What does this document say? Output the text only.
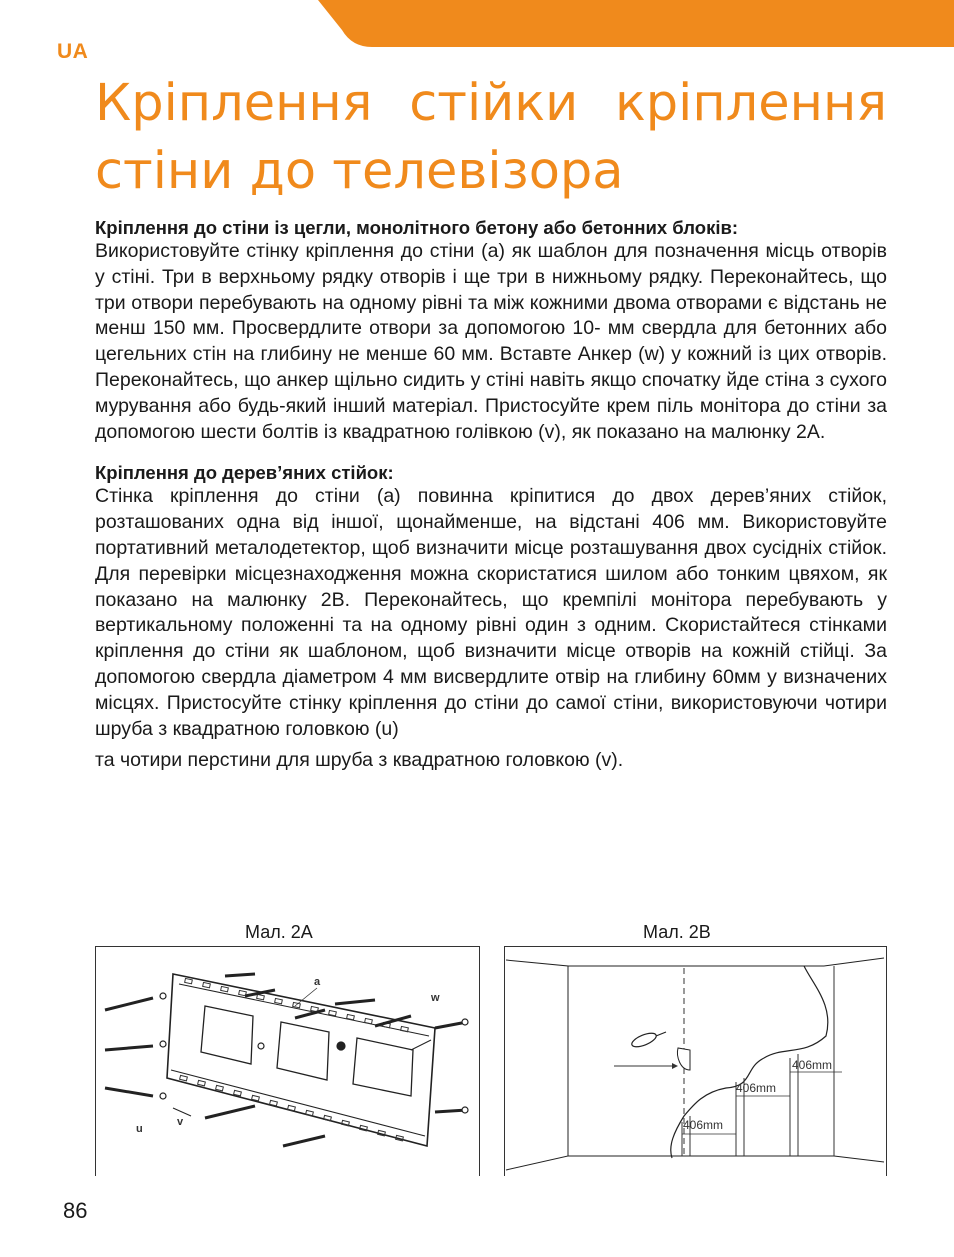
UA
Кріплення стійки кріплення стіни до телевізора

Кріплення до стіни із цегли, монолітного бетону або бетонних блоків:

Використовуйте стінку кріплення до стіни (а) як шаблон для позначення місць отворів у стіні. Три в верхньому рядку отворів і ще три в нижньому рядку. Переконайтесь, що три отвори перебувають на одному рівні та між кожними двома отворами є відстань не менш 150 мм. Просвердлите отвори за допомогою 10- мм свердла для бетонних або цегельних стін на глибину не менше 60 мм. Вставте Анкер (w) у кожний із цих отворів. Переконайтесь, що анкер щільно сидить у стіні навіть якщо спочатку йде стіна з сухого мурування або будь-який інший матеріал. Пристосуйте крем піль монітора до стіни за допомогою шести болтів із квадратною голівкою (v), як показано на малюнку 2А.

Кріплення до дерев’яних стійок:

Стінка кріплення до стіни (а) повинна кріпитися до двох дерев’яних стійок, розташованих одна від іншої, щонайменше, на відстані 406 мм. Використовуйте портативний металодетектор, щоб визначити місце розташування двох сусідніх стійок. Для перевірки місцезнаходження можна скористатися шилом або тонким цвяхом, як показано на малюнку 2B. Переконайтесь, що кремпілі монітора перебувають у вертикальному положенні та на одному рівні один з одним. Скористайтеся стінками кріплення до стіни як шаблоном, щоб визначити місце отворів на кожній стійці. За допомогою свердла діаметром 4 мм висвердлите отвір на глибину 60мм у визначених місцях. Пристосуйте стінку кріплення до стіни до самої стіни, використовуючи чотири шруба з квадратною головкою (u)

та чотири перстини для шруба з квадратною головкою (v).

Мал. 2А	Мал. 2B
a
w
u
v	406mm
406mm
406mm
86
